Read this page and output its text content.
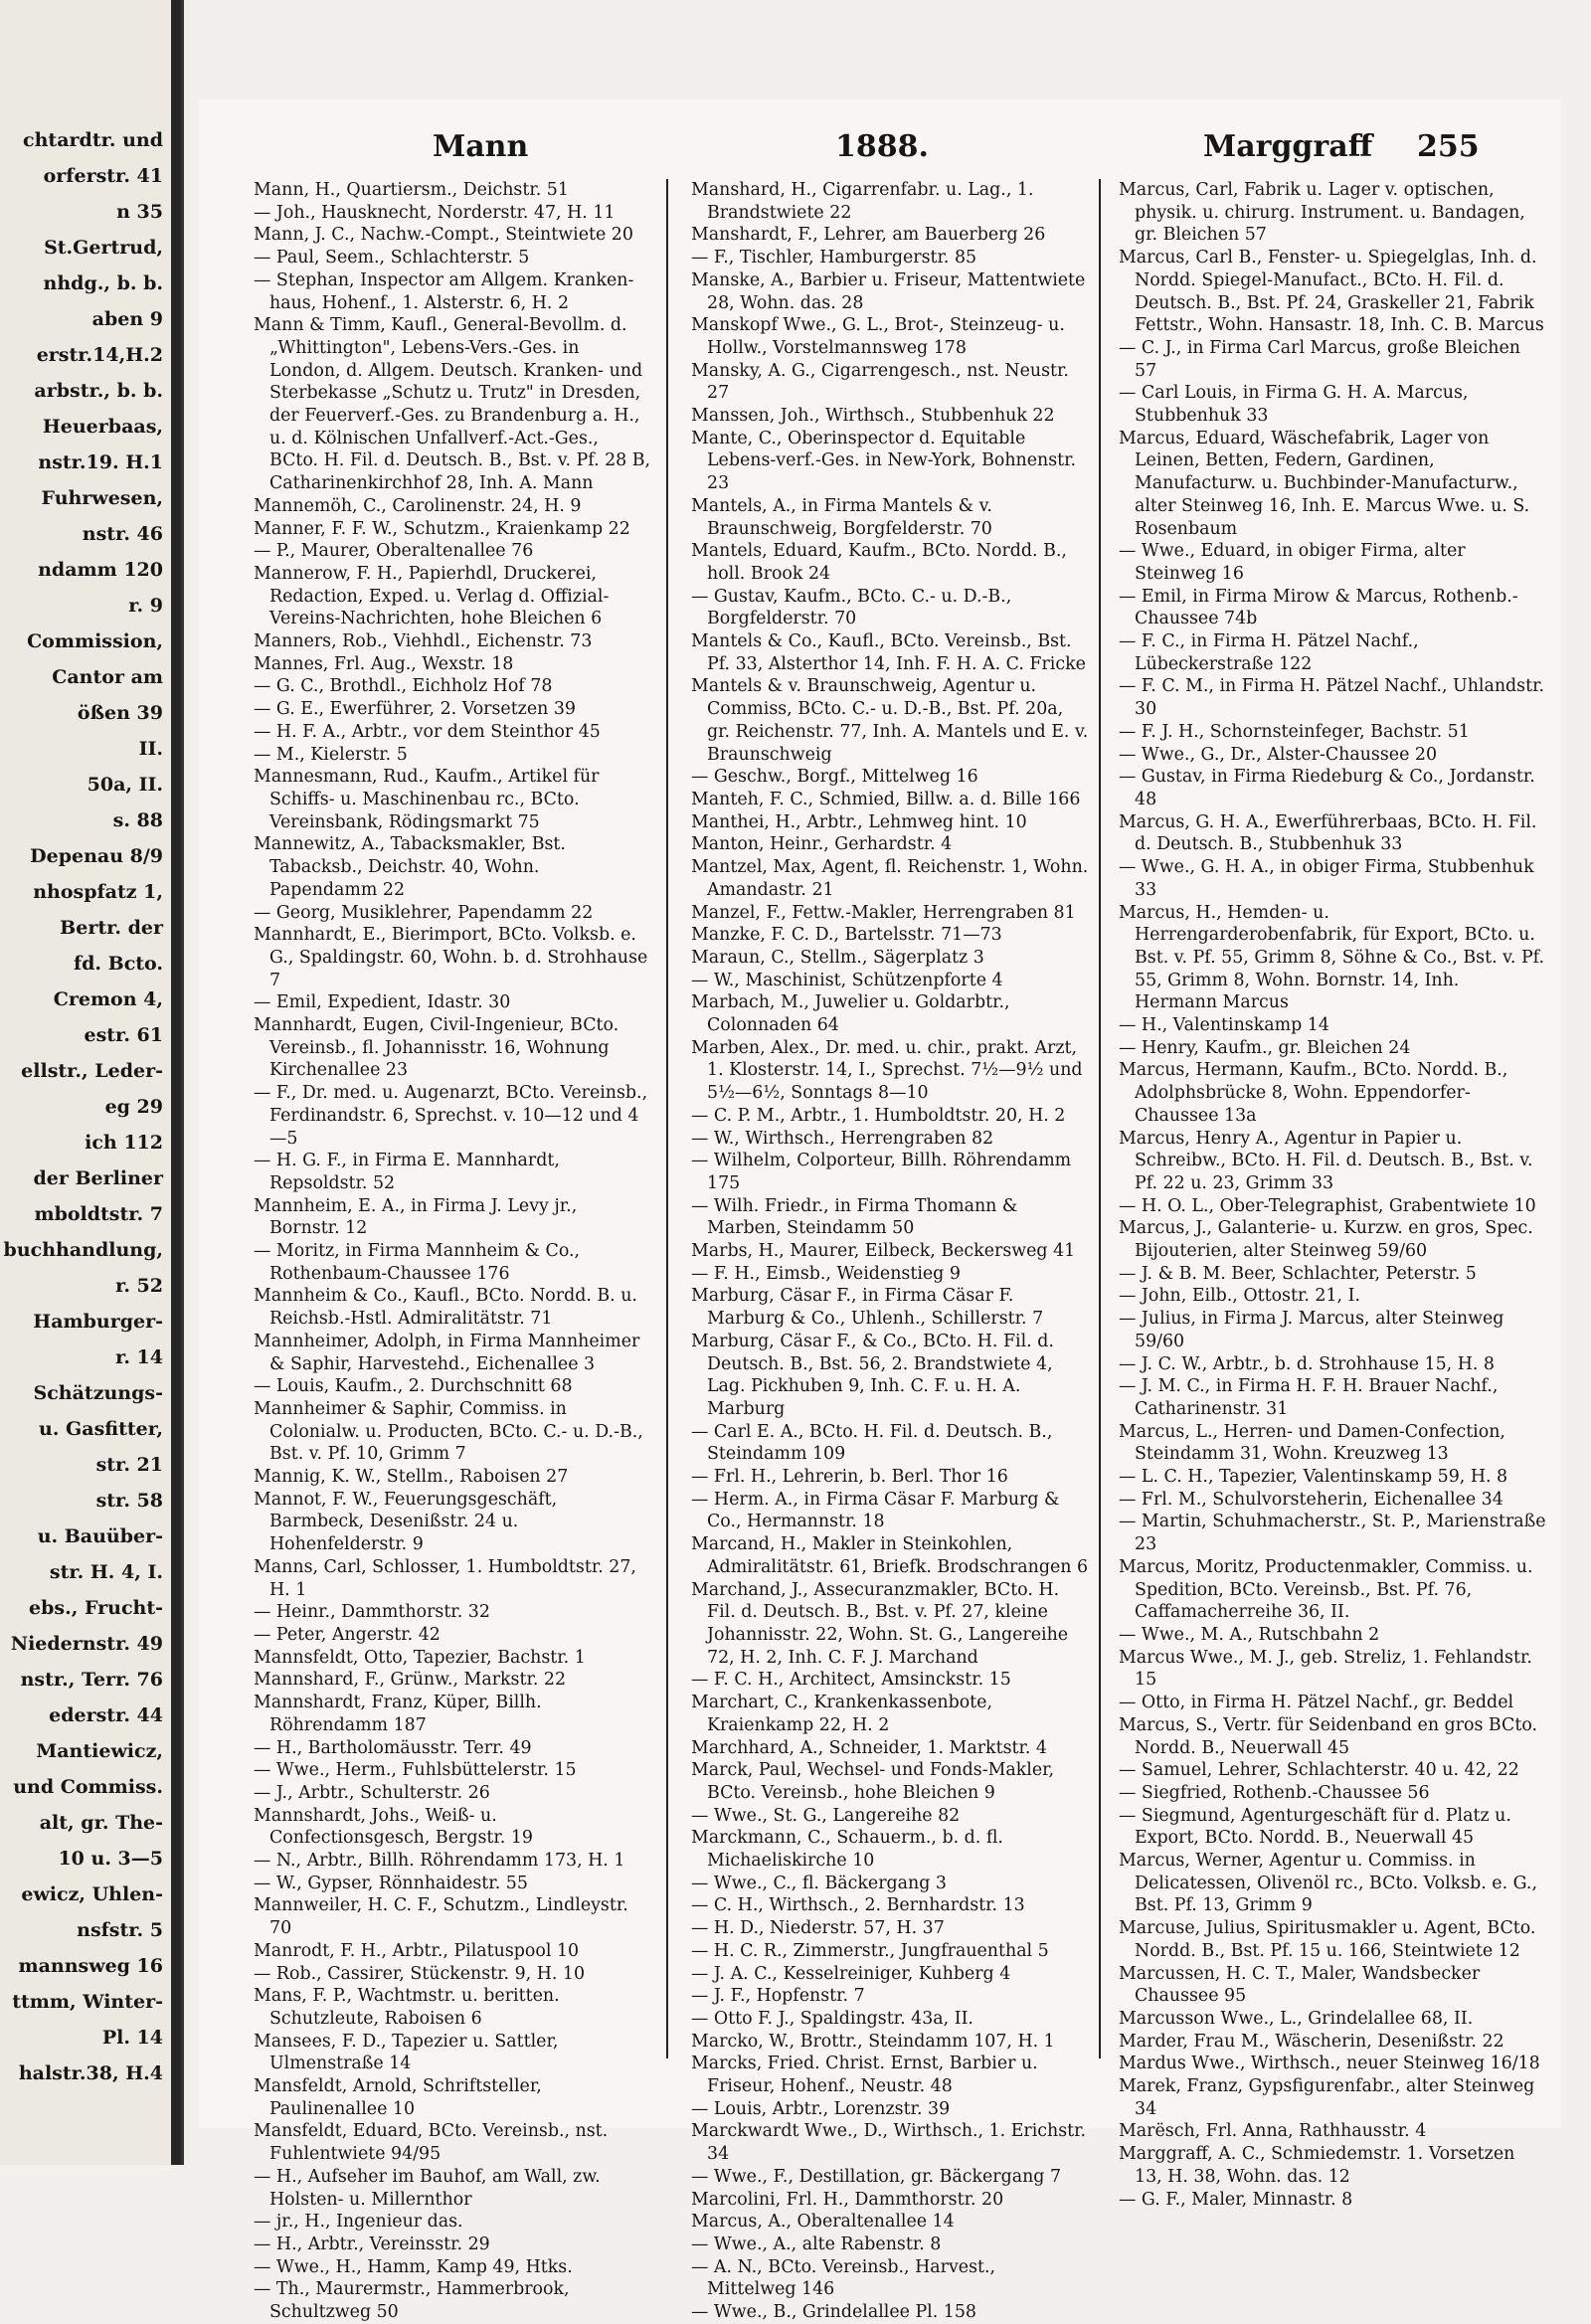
chtardtr. und
orferstr. 41
n 35
St.Gertrud,
nhdg., b. b.
aben 9
erstr.14,H.2
arbstr., b. b.
Heuerbaas,
nstr.19. H.1
Fuhrwesen,
nstr. 46
ndamm 120
r. 9
Commission,
Cantor am
ößen 39
II.
50a, II.
s. 88
Depenau 8/9
nhospfatz 1,
Bertr. der
fd. Bcto.
Cremon 4,
estr. 61
ellstr., Leder-
eg 29
ich 112
der Berliner
mboldtstr. 7
buchhandlung,
r. 52
Hamburger-
r. 14
Schätzungs-
u. Gasfitter,
str. 21
str. 58
u. Bauüber-
str. H. 4, I.
ebs., Frucht-
Niedernstr. 49
nstr., Terr. 76
ederstr. 44
Mantiewicz,
und Commiss.
alt, gr. The-
10 u. 3—5
ewicz, Uhlen-
nsfstr. 5
mannsweg 16
ttmm, Winter-
Pl. 14
halstr.38, H.4
Mann	1888.	Marggraff 255
Mann, H., Quartiersm., Deichstr. 51
— Joh., Hausknecht, Norderstr. 47, H. 11
Mann, J. C., Nachw.-Compt., Steintwiete 20
— Paul, Seem., Schlachterstr. 5
— Stephan, Inspector am Allgem. Kranken-haus, Hohenf., 1. Alsterstr. 6, H. 2
Mann & Timm, Kaufl., General-Bevollm. d. „Whittington", Lebens-Vers.-Ges. in London, d. Allgem. Deutsch. Kranken- und Sterbekasse „Schutz u. Trutz" in Dresden, der Feuerverf.-Ges. zu Brandenburg a. H., u. d. Kölnischen Unfallverf.-Act.-Ges., BCto. H. Fil. d. Deutsch. B., Bst. v. Pf. 28 B, Catharinenkirchhof 28, Inh. A. Mann
Mannemöh, C., Carolinenstr. 24, H. 9
Manner, F. F. W., Schutzm., Kraienkamp 22
— P., Maurer, Oberaltenallee 76
Mannerow, F. H., Papierhdl, Druckerei, Redaction, Exped. u. Verlag d. Offizial-Vereins-Nachrichten, hohe Bleichen 6
Manners, Rob., Viehhdl., Eichenstr. 73
Mannes, Frl. Aug., Wexstr. 18
— G. C., Brothdl., Eichholz Hof 78
— G. E., Ewerführer, 2. Vorsetzen 39
— H. F. A., Arbtr., vor dem Steinthor 45
— M., Kielerstr. 5
Mannesmann, Rud., Kaufm., Artikel für Schiffs- u. Maschinenbau rc., BCto. Vereinsbank, Rödingsmarkt 75
Mannewitz, A., Tabacksmakler, Bst. Tabacksb., Deichstr. 40, Wohn. Papendamm 22
— Georg, Musiklehrer, Papendamm 22
Mannhardt, E., Bierimport, BCto. Volksb. e. G., Spaldingstr. 60, Wohn. b. d. Strohhause 7
— Emil, Expedient, Idastr. 30
Mannhardt, Eugen, Civil-Ingenieur, BCto. Vereinsb., fl. Johannisstr. 16, Wohnung Kirchenallee 23
— F., Dr. med. u. Augenarzt, BCto. Vereinsb., Ferdinandstr. 6, Sprechst. v. 10—12 und 4—5
— H. G. F., in Firma E. Mannhardt, Repsoldstr. 52
Mannheim, E. A., in Firma J. Levy jr., Bornstr. 12
— Moritz, in Firma Mannheim & Co., Rothenbaum-Chaussee 176
Mannheim & Co., Kaufl., BCto. Nordd. B. u. Reichsb.-Hstl. Admiralitätstr. 71
Mannheimer, Adolph, in Firma Mannheimer & Saphir, Harvestehd., Eichenallee 3
— Louis, Kaufm., 2. Durchschnitt 68
Mannheimer & Saphir, Commiss. in Colonialw. u. Producten, BCto. C.- u. D.-B., Bst. v. Pf. 10, Grimm 7
Mannig, K. W., Stellm., Raboisen 27
Mannot, F. W., Feuerungsgeschäft, Barmbeck, Desenißstr. 24 u. Hohenfelderstr. 9
Manns, Carl, Schlosser, 1. Humboldtstr. 27, H. 1
— Heinr., Dammthorstr. 32
— Peter, Angerstr. 42
Mannsfeldt, Otto, Tapezier, Bachstr. 1
Mannshard, F., Grünw., Markstr. 22
Mannshardt, Franz, Küper, Billh. Röhrendamm 187
— H., Bartholomäusstr. Terr. 49
— Wwe., Herm., Fuhlsbüttelerstr. 15
— J., Arbtr., Schulterstr. 26
Mannshardt, Johs., Weiß- u. Confectionsgesch, Bergstr. 19
— N., Arbtr., Billh. Röhrendamm 173, H. 1
— W., Gypser, Rönnhaidestr. 55
Mannweiler, H. C. F., Schutzm., Lindleystr. 70
Manrodt, F. H., Arbtr., Pilatuspool 10
— Rob., Cassirer, Stückenstr. 9, H. 10
Mans, F. P., Wachtmstr. u. beritten. Schutzleute, Raboisen 6
Mansees, F. D., Tapezier u. Sattler, Ulmenstraße 14
Mansfeldt, Arnold, Schriftsteller, Paulinenallee 10
Mansfeldt, Eduard, BCto. Vereinsb., nst. Fuhlentwiete 94/95
— H., Aufseher im Bauhof, am Wall, zw. Holsten- u. Millernthor
— jr., H., Ingenieur das.
— H., Arbtr., Vereinsstr. 29
— Wwe., H., Hamm, Kamp 49, Htks.
— Th., Maurermstr., Hammerbrook, Schultzweg 50
Manshard, H., Cigarrenfabr. u. Lag., 1. Brandstwiete 22
Manshardt, F., Lehrer, am Bauerberg 26
— F., Tischler, Hamburgerstr. 85
Manske, A., Barbier u. Friseur, Mattentwiete 28, Wohn. das. 28
Manskopf Wwe., G. L., Brot-, Steinzeug- u. Hollw., Vorstelmannsweg 178
Mansky, A. G., Cigarrengesch., nst. Neustr. 27
Manssen, Joh., Wirthsch., Stubbenhuk 22
Mante, C., Oberinspector d. Equitable Lebens-verf.-Ges. in New-York, Bohnenstr. 23
Mantels, A., in Firma Mantels & v. Braunschweig, Borgfelderstr. 70
Mantels, Eduard, Kaufm., BCto. Nordd. B., holl. Brook 24
— Gustav, Kaufm., BCto. C.- u. D.-B., Borgfelderstr. 70
Mantels & Co., Kaufl., BCto. Vereinsb., Bst. Pf. 33, Alsterthor 14, Inh. F. H. A. C. Fricke
Mantels & v. Braunschweig, Agentur u. Commiss, BCto. C.- u. D.-B., Bst. Pf. 20a, gr. Reichenstr. 77, Inh. A. Mantels und E. v. Braunschweig
— Geschw., Borgf., Mittelweg 16
Manteh, F. C., Schmied, Billw. a. d. Bille 166
Manthei, H., Arbtr., Lehmweg hint. 10
Manton, Heinr., Gerhardstr. 4
Mantzel, Max, Agent, fl. Reichenstr. 1, Wohn. Amandastr. 21
Manzel, F., Fettw.-Makler, Herrengraben 81
Manzke, F. C. D., Bartelsstr. 71—73
Maraun, C., Stellm., Sägerplatz 3
— W., Maschinist, Schützenpforte 4
Marbach, M., Juwelier u. Goldarbtr., Colonnaden 64
Marben, Alex., Dr. med. u. chir., prakt. Arzt, 1. Klosterstr. 14, I., Sprechst. 7½—9½ und 5½—6½, Sonntags 8—10
— C. P. M., Arbtr., 1. Humboldtstr. 20, H. 2
— W., Wirthsch., Herrengraben 82
— Wilhelm, Colporteur, Billh. Röhrendamm 175
— Wilh. Friedr., in Firma Thomann & Marben, Steindamm 50
Marbs, H., Maurer, Eilbeck, Beckersweg 41
— F. H., Eimsb., Weidenstieg 9
Marburg, Cäsar F., in Firma Cäsar F. Marburg & Co., Uhlenh., Schillerstr. 7
Marburg, Cäsar F., & Co., BCto. H. Fil. d. Deutsch. B., Bst. 56, 2. Brandstwiete 4, Lag. Pickhuben 9, Inh. C. F. u. H. A. Marburg
— Carl E. A., BCto. H. Fil. d. Deutsch. B., Steindamm 109
— Frl. H., Lehrerin, b. Berl. Thor 16
— Herm. A., in Firma Cäsar F. Marburg & Co., Hermannstr. 18
Marcand, H., Makler in Steinkohlen, Admiralitätstr. 61, Briefk. Brodschrangen 6
Marchand, J., Assecuranzmakler, BCto. H. Fil. d. Deutsch. B., Bst. v. Pf. 27, kleine Johannisstr. 22, Wohn. St. G., Langereihe 72, H. 2, Inh. C. F. J. Marchand
— F. C. H., Architect, Amsinckstr. 15
Marchart, C., Krankenkassenbote, Kraienkamp 22, H. 2
Marchhard, A., Schneider, 1. Marktstr. 4
Marck, Paul, Wechsel- und Fonds-Makler, BCto. Vereinsb., hohe Bleichen 9
— Wwe., St. G., Langereihe 82
Marckmann, C., Schauerm., b. d. fl. Michaeliskirche 10
— Wwe., C., fl. Bäckergang 3
— C. H., Wirthsch., 2. Bernhardstr. 13
— H. D., Niederstr. 57, H. 37
— H. C. R., Zimmerstr., Jungfrauenthal 5
— J. A. C., Kesselreiniger, Kuhberg 4
— J. F., Hopfenstr. 7
— Otto F. J., Spaldingstr. 43a, II.
Marcko, W., Brottr., Steindamm 107, H. 1
Marcks, Fried. Christ. Ernst, Barbier u. Friseur, Hohenf., Neustr. 48
— Louis, Arbtr., Lorenzstr. 39
Marckwardt Wwe., D., Wirthsch., 1. Erichstr. 34
— Wwe., F., Destillation, gr. Bäckergang 7
Marcolini, Frl. H., Dammthorstr. 20
Marcus, A., Oberaltenallee 14
— Wwe., A., alte Rabenstr. 8
— A. N., BCto. Vereinsb., Harvest., Mittelweg 146
— Wwe., B., Grindelallee Pl. 158
Marcus, Carl, Fabrik u. Lager v. optischen, physik. u. chirurg. Instrument. u. Bandagen, gr. Bleichen 57
Marcus, Carl B., Fenster- u. Spiegelglas, Inh. d. Nordd. Spiegel-Manufact., BCto. H. Fil. d. Deutsch. B., Bst. Pf. 24, Graskeller 21, Fabrik Fettstr., Wohn. Hansastr. 18, Inh. C. B. Marcus
— C. J., in Firma Carl Marcus, große Bleichen 57
— Carl Louis, in Firma G. H. A. Marcus, Stubbenhuk 33
Marcus, Eduard, Wäschefabrik, Lager von Leinen, Betten, Federn, Gardinen, Manufacturw. u. Buchbinder-Manufacturw., alter Steinweg 16, Inh. E. Marcus Wwe. u. S. Rosenbaum
— Wwe., Eduard, in obiger Firma, alter Steinweg 16
— Emil, in Firma Mirow & Marcus, Rothenb.-Chaussee 74b
— F. C., in Firma H. Pätzel Nachf., Lübeckerstraße 122
— F. C. M., in Firma H. Pätzel Nachf., Uhlandstr. 30
— F. J. H., Schornsteinfeger, Bachstr. 51
— Wwe., G., Dr., Alster-Chaussee 20
— Gustav, in Firma Riedeburg & Co., Jordanstr. 48
Marcus, G. H. A., Ewerführerbaas, BCto. H. Fil. d. Deutsch. B., Stubbenhuk 33
— Wwe., G. H. A., in obiger Firma, Stubbenhuk 33
Marcus, H., Hemden- u. Herrengarderobenfabrik, für Export, BCto. u. Bst. v. Pf. 55, Grimm 8, Söhne & Co., Bst. v. Pf. 55, Grimm 8, Wohn. Bornstr. 14, Inh. Hermann Marcus
— H., Valentinskamp 14
— Henry, Kaufm., gr. Bleichen 24
Marcus, Hermann, Kaufm., BCto. Nordd. B., Adolphsbrücke 8, Wohn. Eppendorfer-Chaussee 13a
Marcus, Henry A., Agentur in Papier u. Schreibw., BCto. H. Fil. d. Deutsch. B., Bst. v. Pf. 22 u. 23, Grimm 33
— H. O. L., Ober-Telegraphist, Grabentwiete 10
Marcus, J., Galanterie- u. Kurzw. en gros, Spec. Bijouterien, alter Steinweg 59/60
— J. & B. M. Beer, Schlachter, Peterstr. 5
— John, Eilb., Ottostr. 21, I.
— Julius, in Firma J. Marcus, alter Steinweg 59/60
— J. C. W., Arbtr., b. d. Strohhause 15, H. 8
— J. M. C., in Firma H. F. H. Brauer Nachf., Catharinenstr. 31
Marcus, L., Herren- und Damen-Confection, Steindamm 31, Wohn. Kreuzweg 13
— L. C. H., Tapezier, Valentinskamp 59, H. 8
— Frl. M., Schulvorsteherin, Eichenallee 34
— Martin, Schuhmacherstr., St. P., Marienstraße 23
Marcus, Moritz, Productenmakler, Commiss. u. Spedition, BCto. Vereinsb., Bst. Pf. 76, Caffamacherreihe 36, II.
— Wwe., M. A., Rutschbahn 2
Marcus Wwe., M. J., geb. Streliz, 1. Fehlandstr. 15
— Otto, in Firma H. Pätzel Nachf., gr. Beddel
Marcus, S., Vertr. für Seidenband en gros BCto. Nordd. B., Neuerwall 45
— Samuel, Lehrer, Schlachterstr. 40 u. 42, 22
— Siegfried, Rothenb.-Chaussee 56
— Siegmund, Agenturgeschäft für d. Platz u. Export, BCto. Nordd. B., Neuerwall 45
Marcus, Werner, Agentur u. Commiss. in Delicatessen, Olivenöl rc., BCto. Volksb. e. G., Bst. Pf. 13, Grimm 9
Marcuse, Julius, Spiritusmakler u. Agent, BCto. Nordd. B., Bst. Pf. 15 u. 166, Steintwiete 12
Marcussen, H. C. T., Maler, Wandsbecker Chaussee 95
Marcusson Wwe., L., Grindelallee 68, II.
Marder, Frau M., Wäscherin, Desenißstr. 22
Mardus Wwe., Wirthsch., neuer Steinweg 16/18
Marek, Franz, Gypsfigurenfabr., alter Steinweg 34
Marësch, Frl. Anna, Rathhausstr. 4
Marggraff, A. C., Schmiedemstr. 1. Vorsetzen 13, H. 38, Wohn. das. 12
— G. F., Maler, Minnastr. 8
